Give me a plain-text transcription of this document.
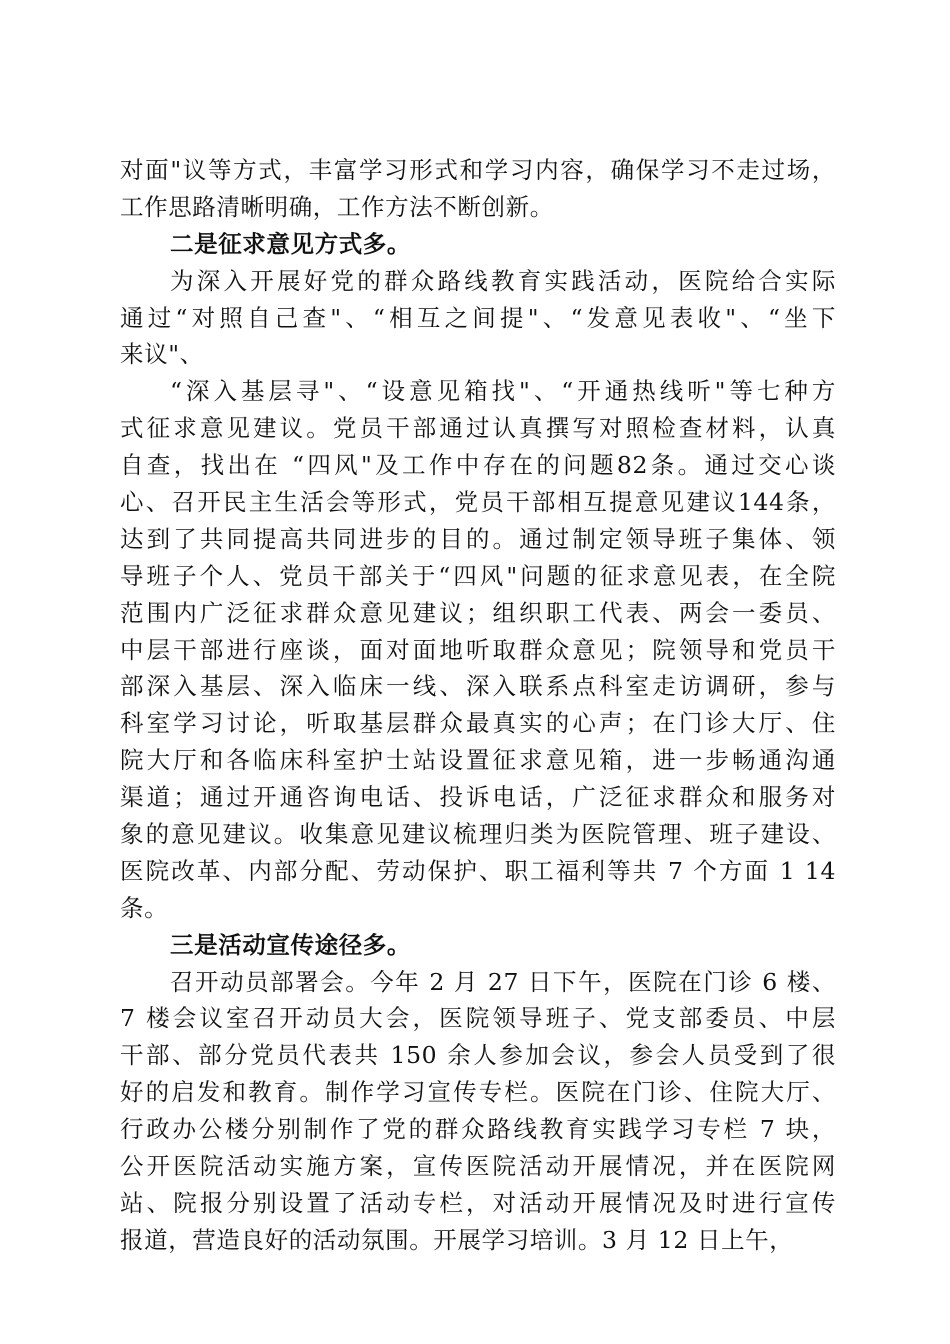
对面"议等方式，丰富学习形式和学习内容，确保学习不走过场，
工作思路清晰明确，工作方法不断创新。
二是征求意见方式多。
为深入开展好党的群众路线教育实践活动，医院给合实际
通过“对照自己查"、“相互之间提"、“发意见表收"、“坐下
来议"、
“深入基层寻"、“设意见箱找"、“开通热线听"等七种方
式征求意见建议。党员干部通过认真撰写对照检查材料，认真
自查，找出在 “四风"及工作中存在的问题82条。通过交心谈
心、召开民主生活会等形式，党员干部相互提意见建议144条，
达到了共同提高共同进步的目的。通过制定领导班子集体、领
导班子个人、党员干部关于“四风"问题的征求意见表，在全院
范围内广泛征求群众意见建议；组织职工代表、两会一委员、
中层干部进行座谈，面对面地听取群众意见；院领导和党员干
部深入基层、深入临床一线、深入联系点科室走访调研，参与
科室学习讨论，听取基层群众最真实的心声；在门诊大厅、住
院大厅和各临床科室护士站设置征求意见箱，进一步畅通沟通
渠道；通过开通咨询电话、投诉电话，广泛征求群众和服务对
象的意见建议。收集意见建议梳理归类为医院管理、班子建设、
医院改革、内部分配、劳动保护、职工福利等共 7 个方面 1 14
条。
三是活动宣传途径多。
召开动员部署会。今年 2 月 27 日下午，医院在门诊 6 楼、
7 楼会议室召开动员大会，医院领导班子、党支部委员、中层
干部、部分党员代表共 150 余人参加会议，参会人员受到了很
好的启发和教育。制作学习宣传专栏。医院在门诊、住院大厅、
行政办公楼分别制作了党的群众路线教育实践学习专栏 7 块，
公开医院活动实施方案，宣传医院活动开展情况，并在医院网
站、院报分别设置了活动专栏，对活动开展情况及时进行宣传
报道，营造良好的活动氛围。开展学习培训。3 月 12 日上午，
